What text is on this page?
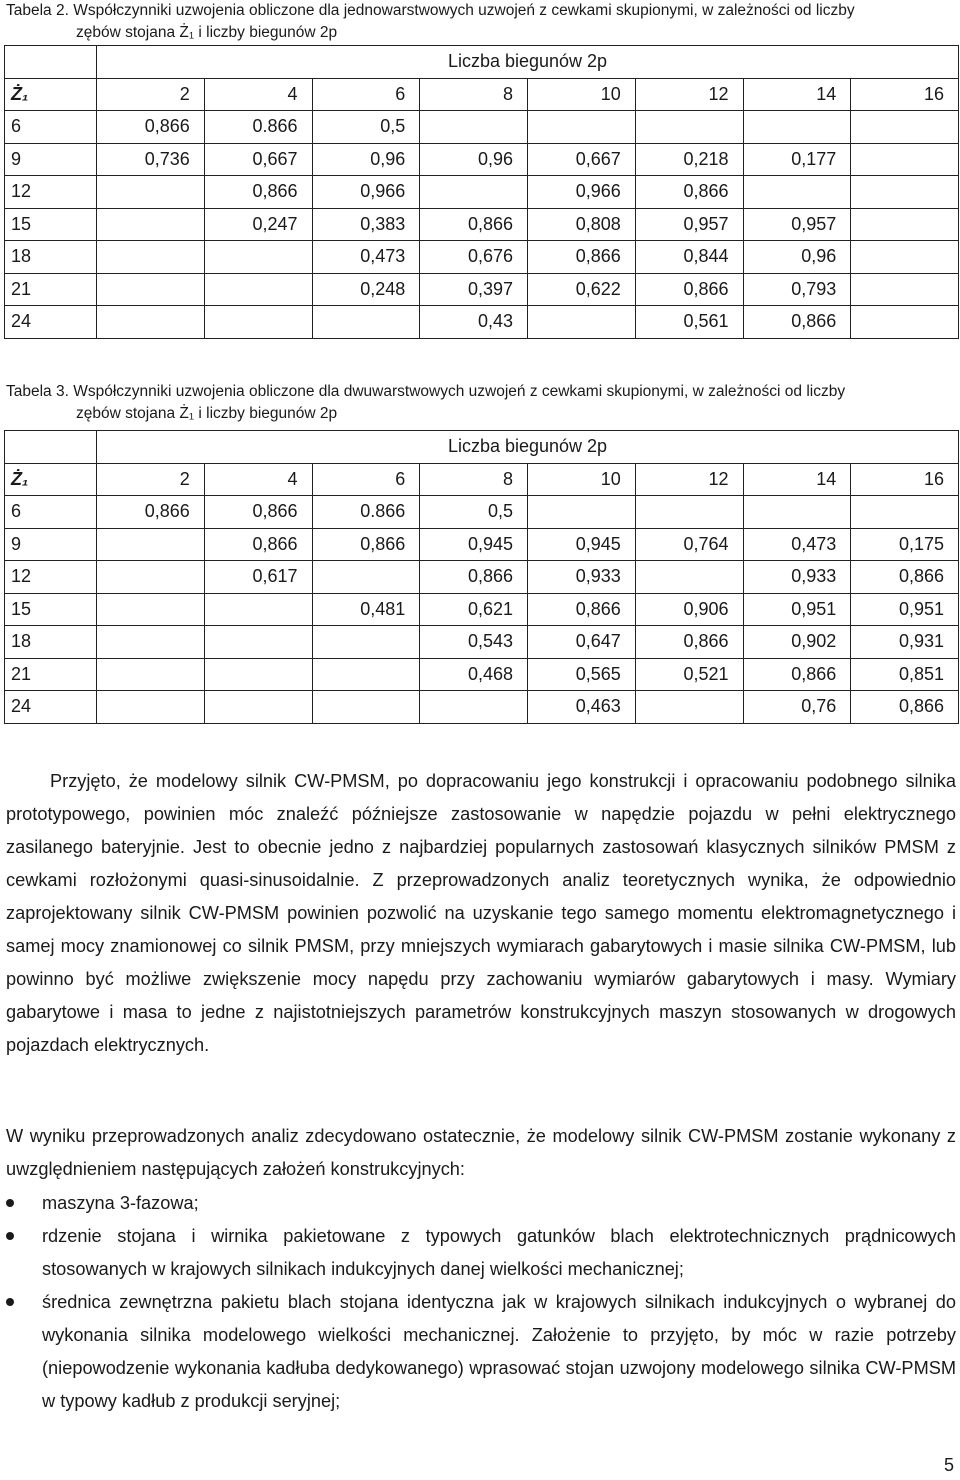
Tabela 2. Współczynniki uzwojenia obliczone dla jednowarstwowych uzwojeń z cewkami skupionymi, w zależności od liczby
zębów stojana Ż₁ i liczby biegunów 2p
	Liczba biegunów 2p							
Ż₁	2	4	6	8	10	12	14	16
6	0,866	0.866	0,5					
9	0,736	0,667	0,96	0,96	0,667	0,218	0,177	
12		0,866	0,966		0,966	0,866		
15		0,247	0,383	0,866	0,808	0,957	0,957	
18			0,473	0,676	0,866	0,844	0,96	
21			0,248	0,397	0,622	0,866	0,793	
24				0,43		0,561	0,866	
Tabela 3. Współczynniki uzwojenia obliczone dla dwuwarstwowych uzwojeń z cewkami skupionymi, w zależności od liczby
zębów stojana Ż₁ i liczby biegunów 2p
	Liczba biegunów 2p							
Ż₁	2	4	6	8	10	12	14	16
6	0,866	0,866	0.866	0,5				
9		0,866	0,866	0,945	0,945	0,764	0,473	0,175
12		0,617		0,866	0,933		0,933	0,866
15			0,481	0,621	0,866	0,906	0,951	0,951
18				0,543	0,647	0,866	0,902	0,931
21				0,468	0,565	0,521	0,866	0,851
24					0,463		0,76	0,866
Przyjęto, że modelowy silnik CW-PMSM, po dopracowaniu jego konstrukcji i opracowaniu podobnego silnika prototypowego, powinien móc znaleźć późniejsze zastosowanie w napędzie pojazdu w pełni elektrycznego zasilanego bateryjnie. Jest to obecnie jedno z najbardziej popularnych zastosowań klasycznych silników PMSM z cewkami rozłożonymi quasi-sinusoidalnie. Z przeprowadzonych analiz teoretycznych wynika, że odpowiednio zaprojektowany silnik CW-PMSM powinien pozwolić na uzyskanie tego samego momentu elektromagnetycznego i samej mocy znamionowej co silnik PMSM, przy mniejszych wymiarach gabarytowych i masie silnika CW-PMSM, lub powinno być możliwe zwiększenie mocy napędu przy zachowaniu wymiarów gabarytowych i masy. Wymiary gabarytowe i masa to jedne z najistotniejszych parametrów konstrukcyjnych maszyn stosowanych w drogowych pojazdach elektrycznych.
W wyniku przeprowadzonych analiz zdecydowano ostatecznie, że modelowy silnik CW-PMSM zostanie wykonany z uwzględnieniem następujących założeń konstrukcyjnych:
maszyna 3-fazowa;
rdzenie stojana i wirnika pakietowane z typowych gatunków blach elektrotechnicznych prądnicowych stosowanych w krajowych silnikach indukcyjnych danej wielkości mechanicznej;
średnica zewnętrzna pakietu blach stojana identyczna jak w krajowych silnikach indukcyjnych o wybranej do wykonania silnika modelowego wielkości mechanicznej. Założenie to przyjęto, by móc w razie potrzeby (niepowodzenie wykonania kadłuba dedykowanego) wprasować stojan uzwojony modelowego silnika CW-PMSM w typowy kadłub z produkcji seryjnej;
5
